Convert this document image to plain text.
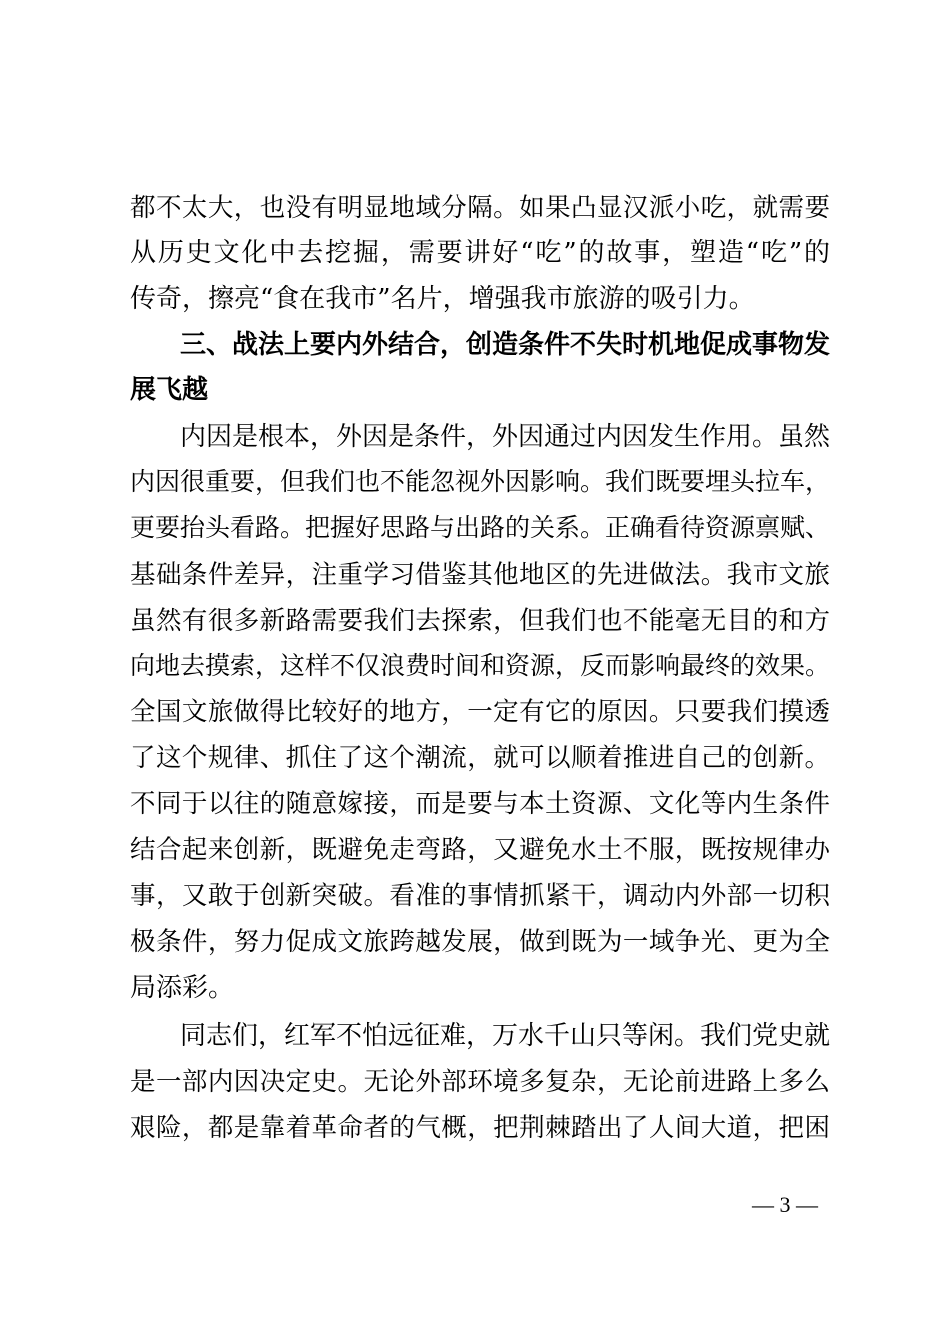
都不太大，也没有明显地域分隔。如果凸显汉派小吃，就需要
从历史文化中去挖掘，需要讲好“吃”的故事，塑造“吃”的
传奇，擦亮“食在我市”名片，增强我市旅游的吸引力。
三、战法上要内外结合，创造条件不失时机地促成事物发
展飞越
内因是根本，外因是条件，外因通过内因发生作用。虽然
内因很重要，但我们也不能忽视外因影响。我们既要埋头拉车，
更要抬头看路。把握好思路与出路的关系。正确看待资源禀赋、
基础条件差异，注重学习借鉴其他地区的先进做法。我市文旅
虽然有很多新路需要我们去探索，但我们也不能毫无目的和方
向地去摸索，这样不仅浪费时间和资源，反而影响最终的效果。
全国文旅做得比较好的地方，一定有它的原因。只要我们摸透
了这个规律、抓住了这个潮流，就可以顺着推进自己的创新。
不同于以往的随意嫁接，而是要与本土资源、文化等内生条件
结合起来创新，既避免走弯路，又避免水土不服，既按规律办
事，又敢于创新突破。看准的事情抓紧干，调动内外部一切积
极条件，努力促成文旅跨越发展，做到既为一域争光、更为全
局添彩。
同志们，红军不怕远征难，万水千山只等闲。我们党史就
是一部内因决定史。无论外部环境多复杂，无论前进路上多么
艰险，都是靠着革命者的气概，把荆棘踏出了人间大道，把困
— 3 —
